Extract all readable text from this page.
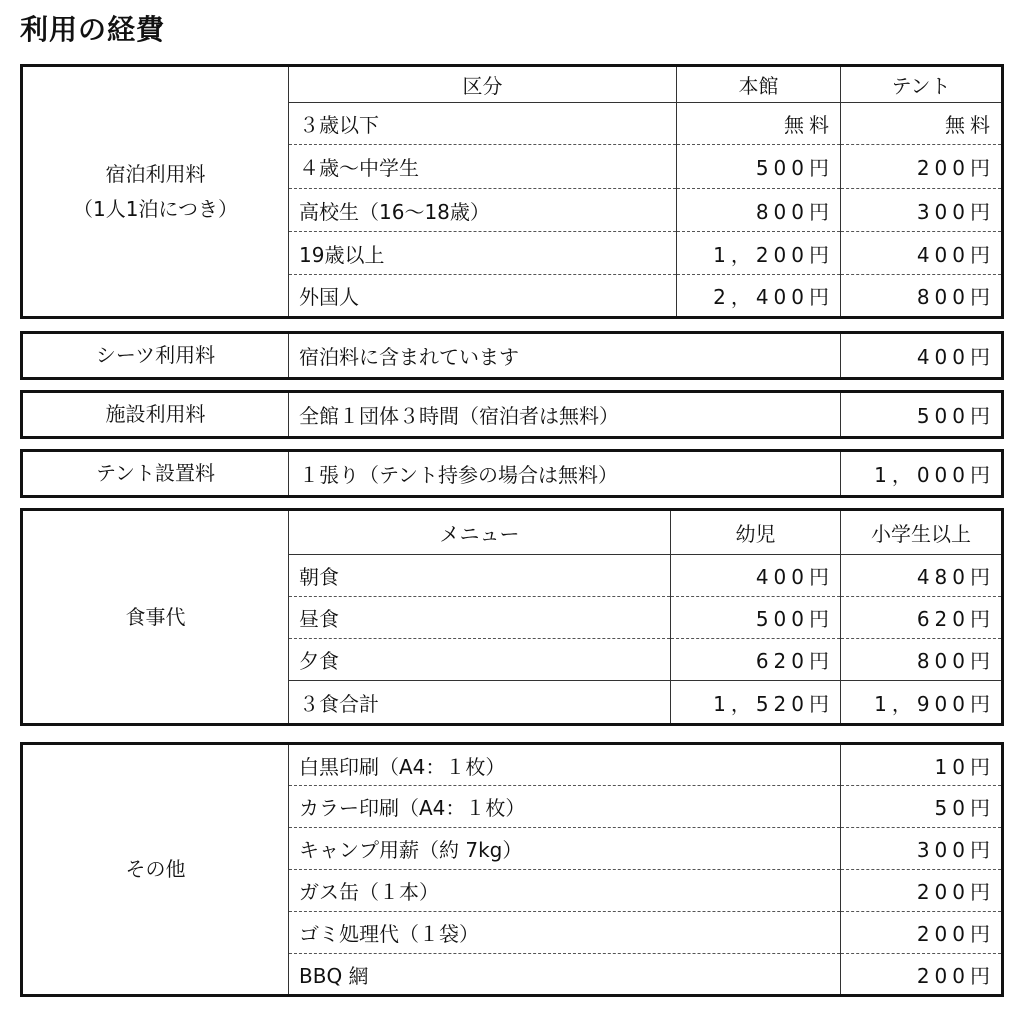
利用の経費
宿泊利用料
（1人1泊につき）	区分	本館	テント
	３歳以下	無料	無料
	４歳～中学生	500円	200円
	高校生（16～18歳）	800円	300円
	19歳以上	1，200円	400円
	外国人	2，400円	800円
シーツ利用料	宿泊料に含まれています	400円
施設利用料	全館１団体３時間（宿泊者は無料）	500円
テント設置料	１張り（テント持参の場合は無料）	1，000円
食事代	メニュー	幼児	小学生以上
	朝食	400円	480円
	昼食	500円	620円
	夕食	620円	800円
	３食合計	1，520円	1，900円
その他	白黒印刷（A4：１枚）	10円
	カラー印刷（A4：１枚）	50円
	キャンプ用薪（約 7kg）	300円
	ガス缶（１本）	200円
	ゴミ処理代（１袋）	200円
	BBQ 網	200円
